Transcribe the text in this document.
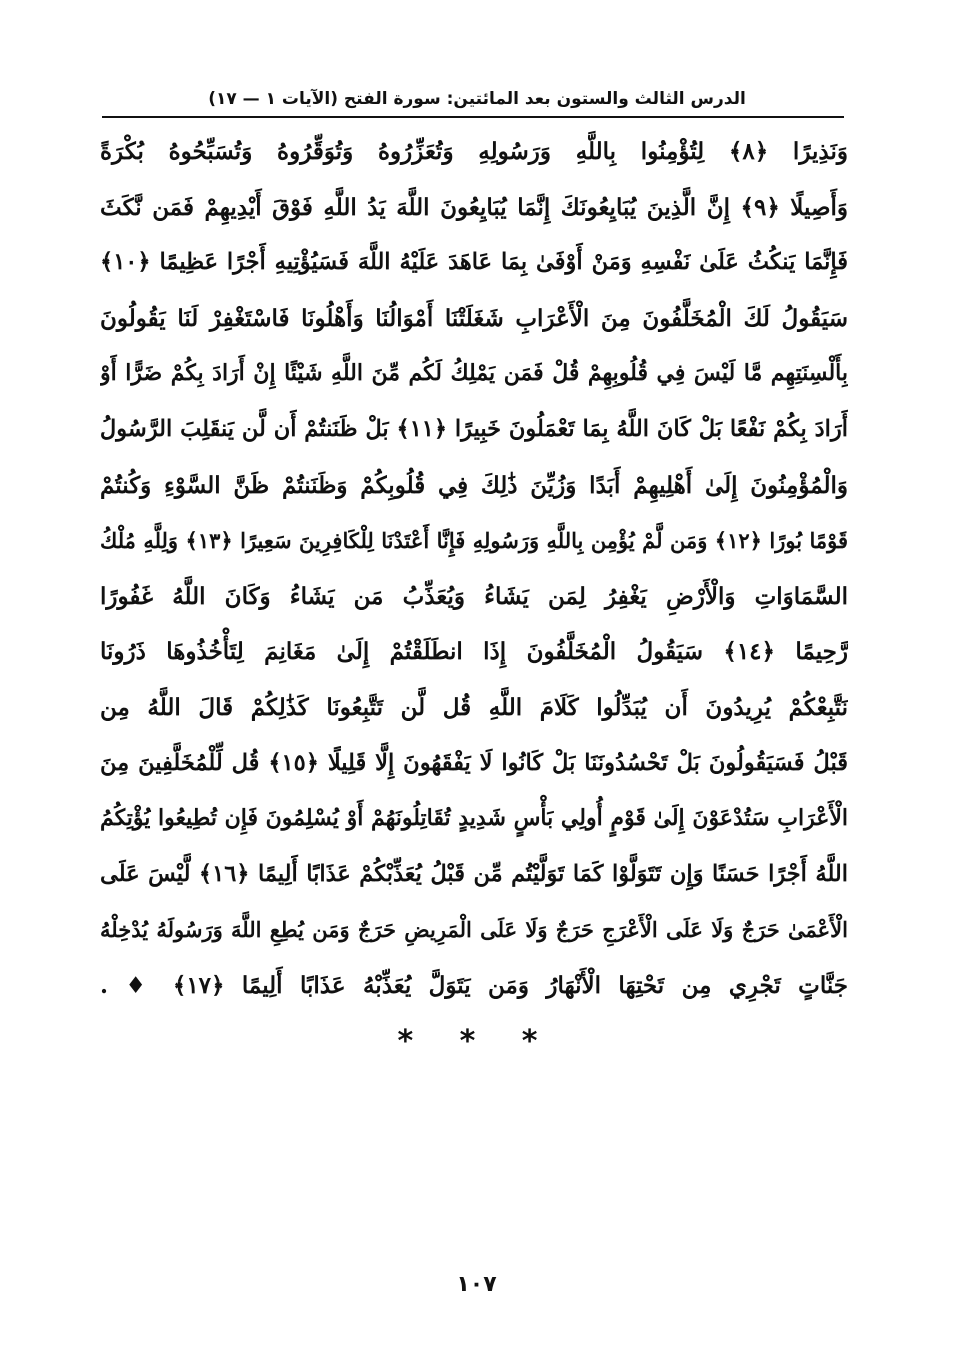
الدرس الثالث والستون بعد المائتين: سورة الفتح (الآيات ١ — ١٧)
وَنَذِيرًا ﴿٨﴾ لِتُؤْمِنُوا بِاللَّهِ وَرَسُولِهِ وَتُعَزِّرُوهُ وَتُوَقِّرُوهُ وَتُسَبِّحُوهُ بُكْرَةً
وَأَصِيلًا ﴿٩﴾ إِنَّ الَّذِينَ يُبَايِعُونَكَ إِنَّمَا يُبَايِعُونَ اللَّهَ يَدُ اللَّهِ فَوْقَ أَيْدِيهِمْ فَمَن نَّكَثَ
فَإِنَّمَا يَنكُثُ عَلَىٰ نَفْسِهِ وَمَنْ أَوْفَىٰ بِمَا عَاهَدَ عَلَيْهُ اللَّهَ فَسَيُؤْتِيهِ أَجْرًا عَظِيمًا ﴿١٠﴾
سَيَقُولُ لَكَ الْمُخَلَّفُونَ مِنَ الْأَعْرَابِ شَغَلَتْنَا أَمْوَالُنَا وَأَهْلُونَا فَاسْتَغْفِرْ لَنَا يَقُولُونَ
بِأَلْسِنَتِهِم مَّا لَيْسَ فِي قُلُوبِهِمْ قُلْ فَمَن يَمْلِكُ لَكُم مِّنَ اللَّهِ شَيْئًا إِنْ أَرَادَ بِكُمْ ضَرًّا أَوْ
أَرَادَ بِكُمْ نَفْعًا بَلْ كَانَ اللَّهُ بِمَا تَعْمَلُونَ خَبِيرًا ﴿١١﴾ بَلْ ظَنَنتُمْ أَن لَّن يَنقَلِبَ الرَّسُولُ
وَالْمُؤْمِنُونَ إِلَىٰ أَهْلِيهِمْ أَبَدًا وَزُيِّنَ ذَٰلِكَ فِي قُلُوبِكُمْ وَظَنَنتُمْ ظَنَّ السَّوْءِ وَكُنتُمْ
قَوْمًا بُورًا ﴿١٢﴾ وَمَن لَّمْ يُؤْمِن بِاللَّهِ وَرَسُولِهِ فَإِنَّا أَعْتَدْنَا لِلْكَافِرِينَ سَعِيرًا ﴿١٣﴾ وَلِلَّهِ مُلْكُ
السَّمَاوَاتِ وَالْأَرْضِ يَغْفِرُ لِمَن يَشَاءُ وَيُعَذِّبُ مَن يَشَاءُ وَكَانَ اللَّهُ غَفُورًا
رَّحِيمًا ﴿١٤﴾ سَيَقُولُ الْمُخَلَّفُونَ إِذَا انطَلَقْتُمْ إِلَىٰ مَغَانِمَ لِتَأْخُذُوهَا ذَرُونَا
نَتَّبِعْكُمْ يُرِيدُونَ أَن يُبَدِّلُوا كَلَامَ اللَّهِ قُل لَّن تَتَّبِعُونَا كَذَٰلِكُمْ قَالَ اللَّهُ مِن
قَبْلُ فَسَيَقُولُونَ بَلْ تَحْسُدُونَنَا بَلْ كَانُوا لَا يَفْقَهُونَ إِلَّا قَلِيلًا ﴿١٥﴾ قُل لِّلْمُخَلَّفِينَ مِنَ
الْأَعْرَابِ سَتُدْعَوْنَ إِلَىٰ قَوْمٍ أُولِي بَأْسٍ شَدِيدٍ تُقَاتِلُونَهُمْ أَوْ يُسْلِمُونَ فَإِن تُطِيعُوا يُؤْتِكُمُ
اللَّهُ أَجْرًا حَسَنًا وَإِن تَتَوَلَّوْا كَمَا تَوَلَّيْتُم مِّن قَبْلُ يُعَذِّبْكُمْ عَذَابًا أَلِيمًا ﴿١٦﴾ لَّيْسَ عَلَى
الْأَعْمَىٰ حَرَجٌ وَلَا عَلَى الْأَعْرَجِ حَرَجٌ وَلَا عَلَى الْمَرِيضِ حَرَجٌ وَمَن يُطِعِ اللَّهَ وَرَسُولَهُ يُدْخِلْهُ
جَنَّاتٍ تَجْرِي مِن تَحْتِهَا الْأَنْهَارُ وَمَن يَتَوَلَّ يُعَذِّبْهُ عَذَابًا أَلِيمًا ﴿١٧﴾ ♦ .
* * *
١٠٧
